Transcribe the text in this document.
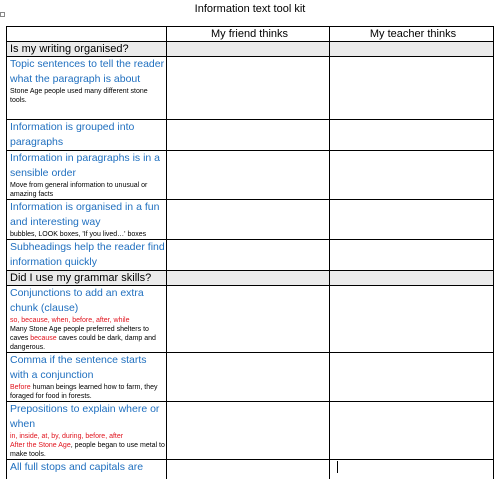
Information text tool kit
	My friend thinks	My teacher thinks
Is my writing organised?		

Topic sentences to tell the reader what the paragraph is about
Stone Age people used many different stone tools.		

Information is grouped into paragraphs		

Information in paragraphs is in a sensible order
Move from general information to unusual or amazing facts		

Information is organised in a fun and interesting way
bubbles, LOOK boxes, 'If you lived…' boxes		

Subheadings help the reader find information quickly		

Did I use my grammar skills?		

Conjunctions to add an extra chunk (clause)
so, because, when, before, after, while
Many Stone Age people preferred shelters to caves because caves could be dark, damp and dangerous.		

Comma if the sentence starts with a conjunction
Before human beings learned how to farm, they foraged for food in forests.		

Prepositions to explain where or when
in, inside, at, by, during, before, after
After the Stone Age, people began to use metal to make tools.		

All full stops and capitals are		
